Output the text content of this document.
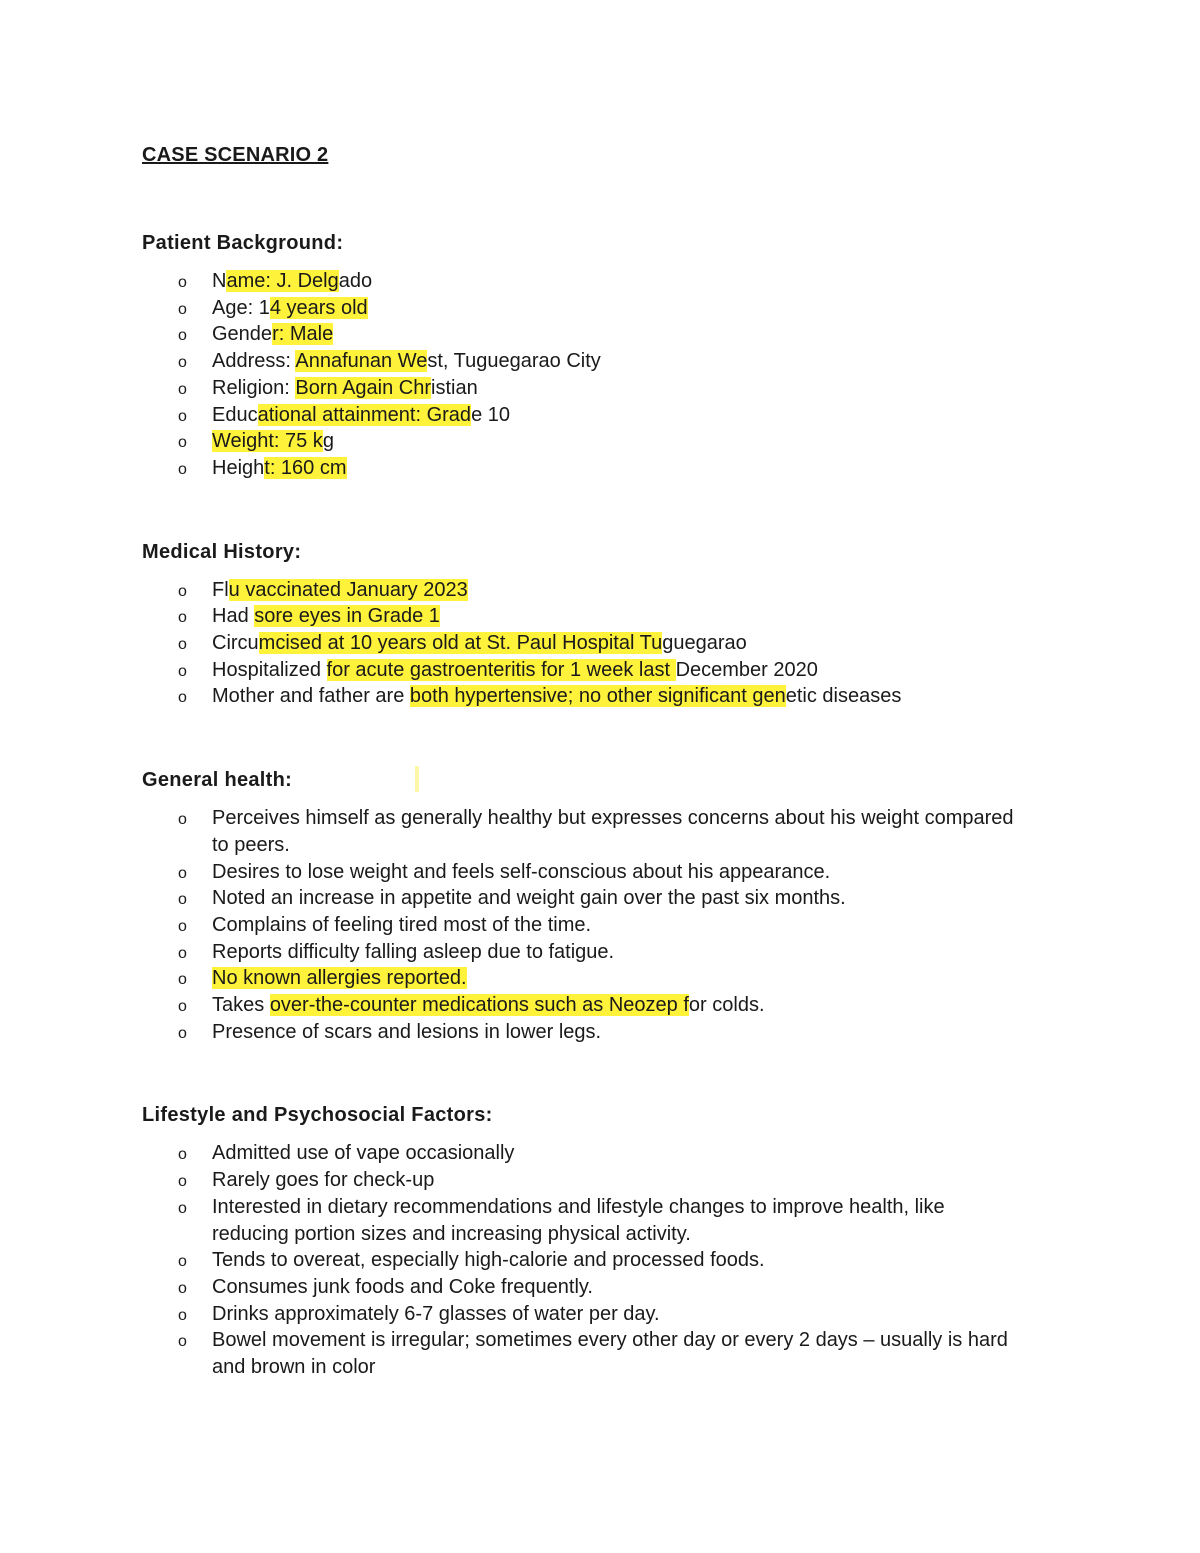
CASE SCENARIO 2
Patient Background:
o Name: J. Delgado
o Age: 14 years old
o Gender: Male
o Address: Annafunan West, Tuguegarao City
o Religion: Born Again Christian
o Educational attainment: Grade 10
o Weight: 75 kg
o Height: 160 cm
Medical History:
o Flu vaccinated January 2023
o Had sore eyes in Grade 1
o Circumcised at 10 years old at St. Paul Hospital Tuguegarao
o Hospitalized for acute gastroenteritis for 1 week last December 2020
o Mother and father are both hypertensive; no other significant genetic diseases
General health:
o Perceives himself as generally healthy but expresses concerns about his weight compared to peers.
o Desires to lose weight and feels self-conscious about his appearance.
o Noted an increase in appetite and weight gain over the past six months.
o Complains of feeling tired most of the time.
o Reports difficulty falling asleep due to fatigue.
o No known allergies reported.
o Takes over-the-counter medications such as Neozep for colds.
o Presence of scars and lesions in lower legs.
Lifestyle and Psychosocial Factors:
o Admitted use of vape occasionally
o Rarely goes for check-up
o Interested in dietary recommendations and lifestyle changes to improve health, like reducing portion sizes and increasing physical activity.
o Tends to overeat, especially high-calorie and processed foods.
o Consumes junk foods and Coke frequently.
o Drinks approximately 6-7 glasses of water per day.
o Bowel movement is irregular; sometimes every other day or every 2 days – usually is hard and brown in color
